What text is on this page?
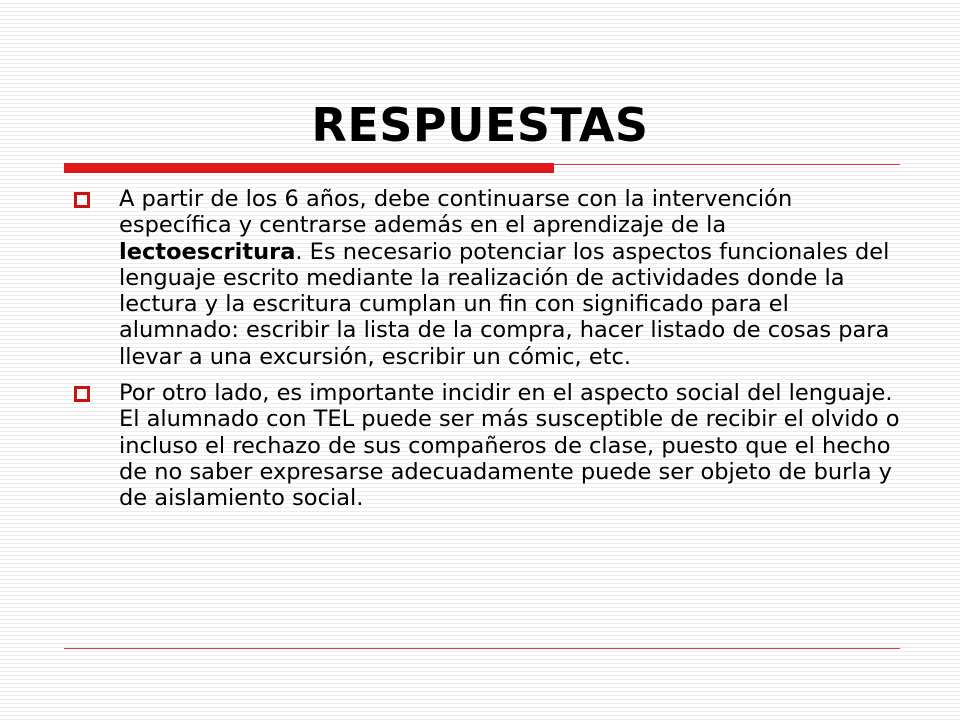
RESPUESTAS
A partir de los 6 años, debe continuarse con la intervención específica y centrarse además en el aprendizaje de la lectoescritura. Es necesario potenciar los aspectos funcionales del lenguaje escrito mediante la realización de actividades donde la lectura y la escritura cumplan un fin con significado para el alumnado: escribir la lista de la compra, hacer listado de cosas para llevar a una excursión, escribir un cómic, etc.
Por otro lado, es importante incidir en el aspecto social del lenguaje. El alumnado con TEL puede ser más susceptible de recibir el olvido o incluso el rechazo de sus compañeros de clase, puesto que el hecho de no saber expresarse adecuadamente puede ser objeto de burla y de aislamiento social.
